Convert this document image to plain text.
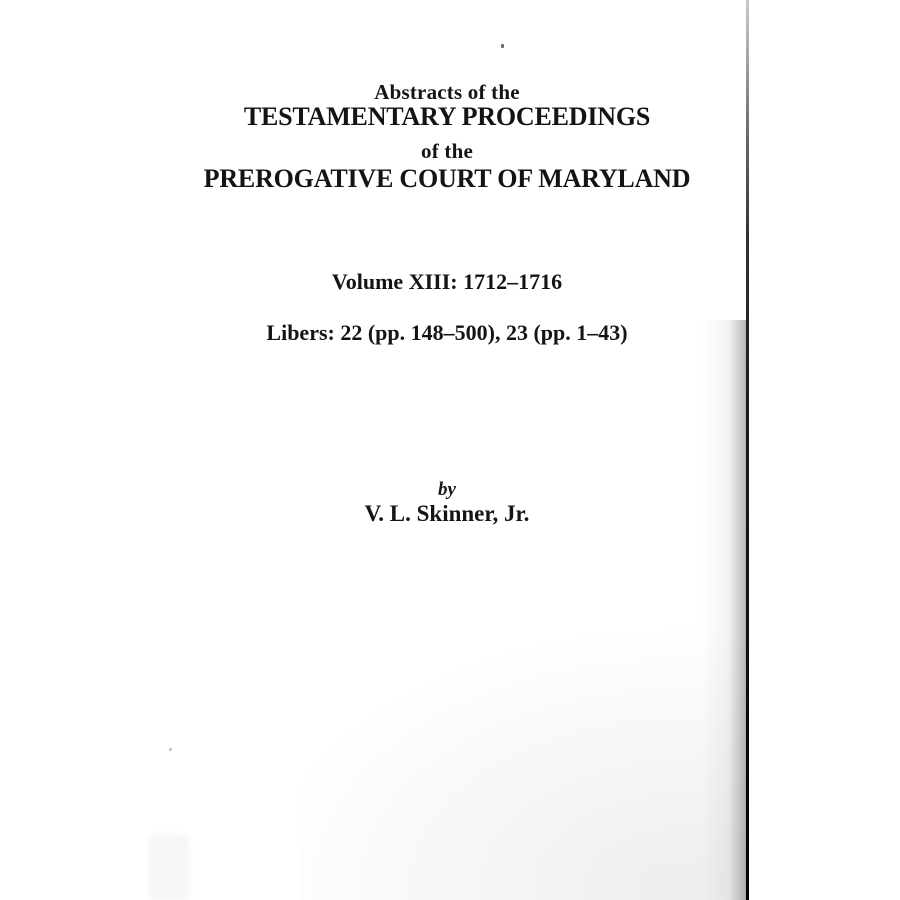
Abstracts of the
TESTAMENTARY PROCEEDINGS
of the
PREROGATIVE COURT OF MARYLAND
Volume XIII: 1712–1716
Libers: 22 (pp. 148–500), 23 (pp. 1–43)
by
V. L. Skinner, Jr.
